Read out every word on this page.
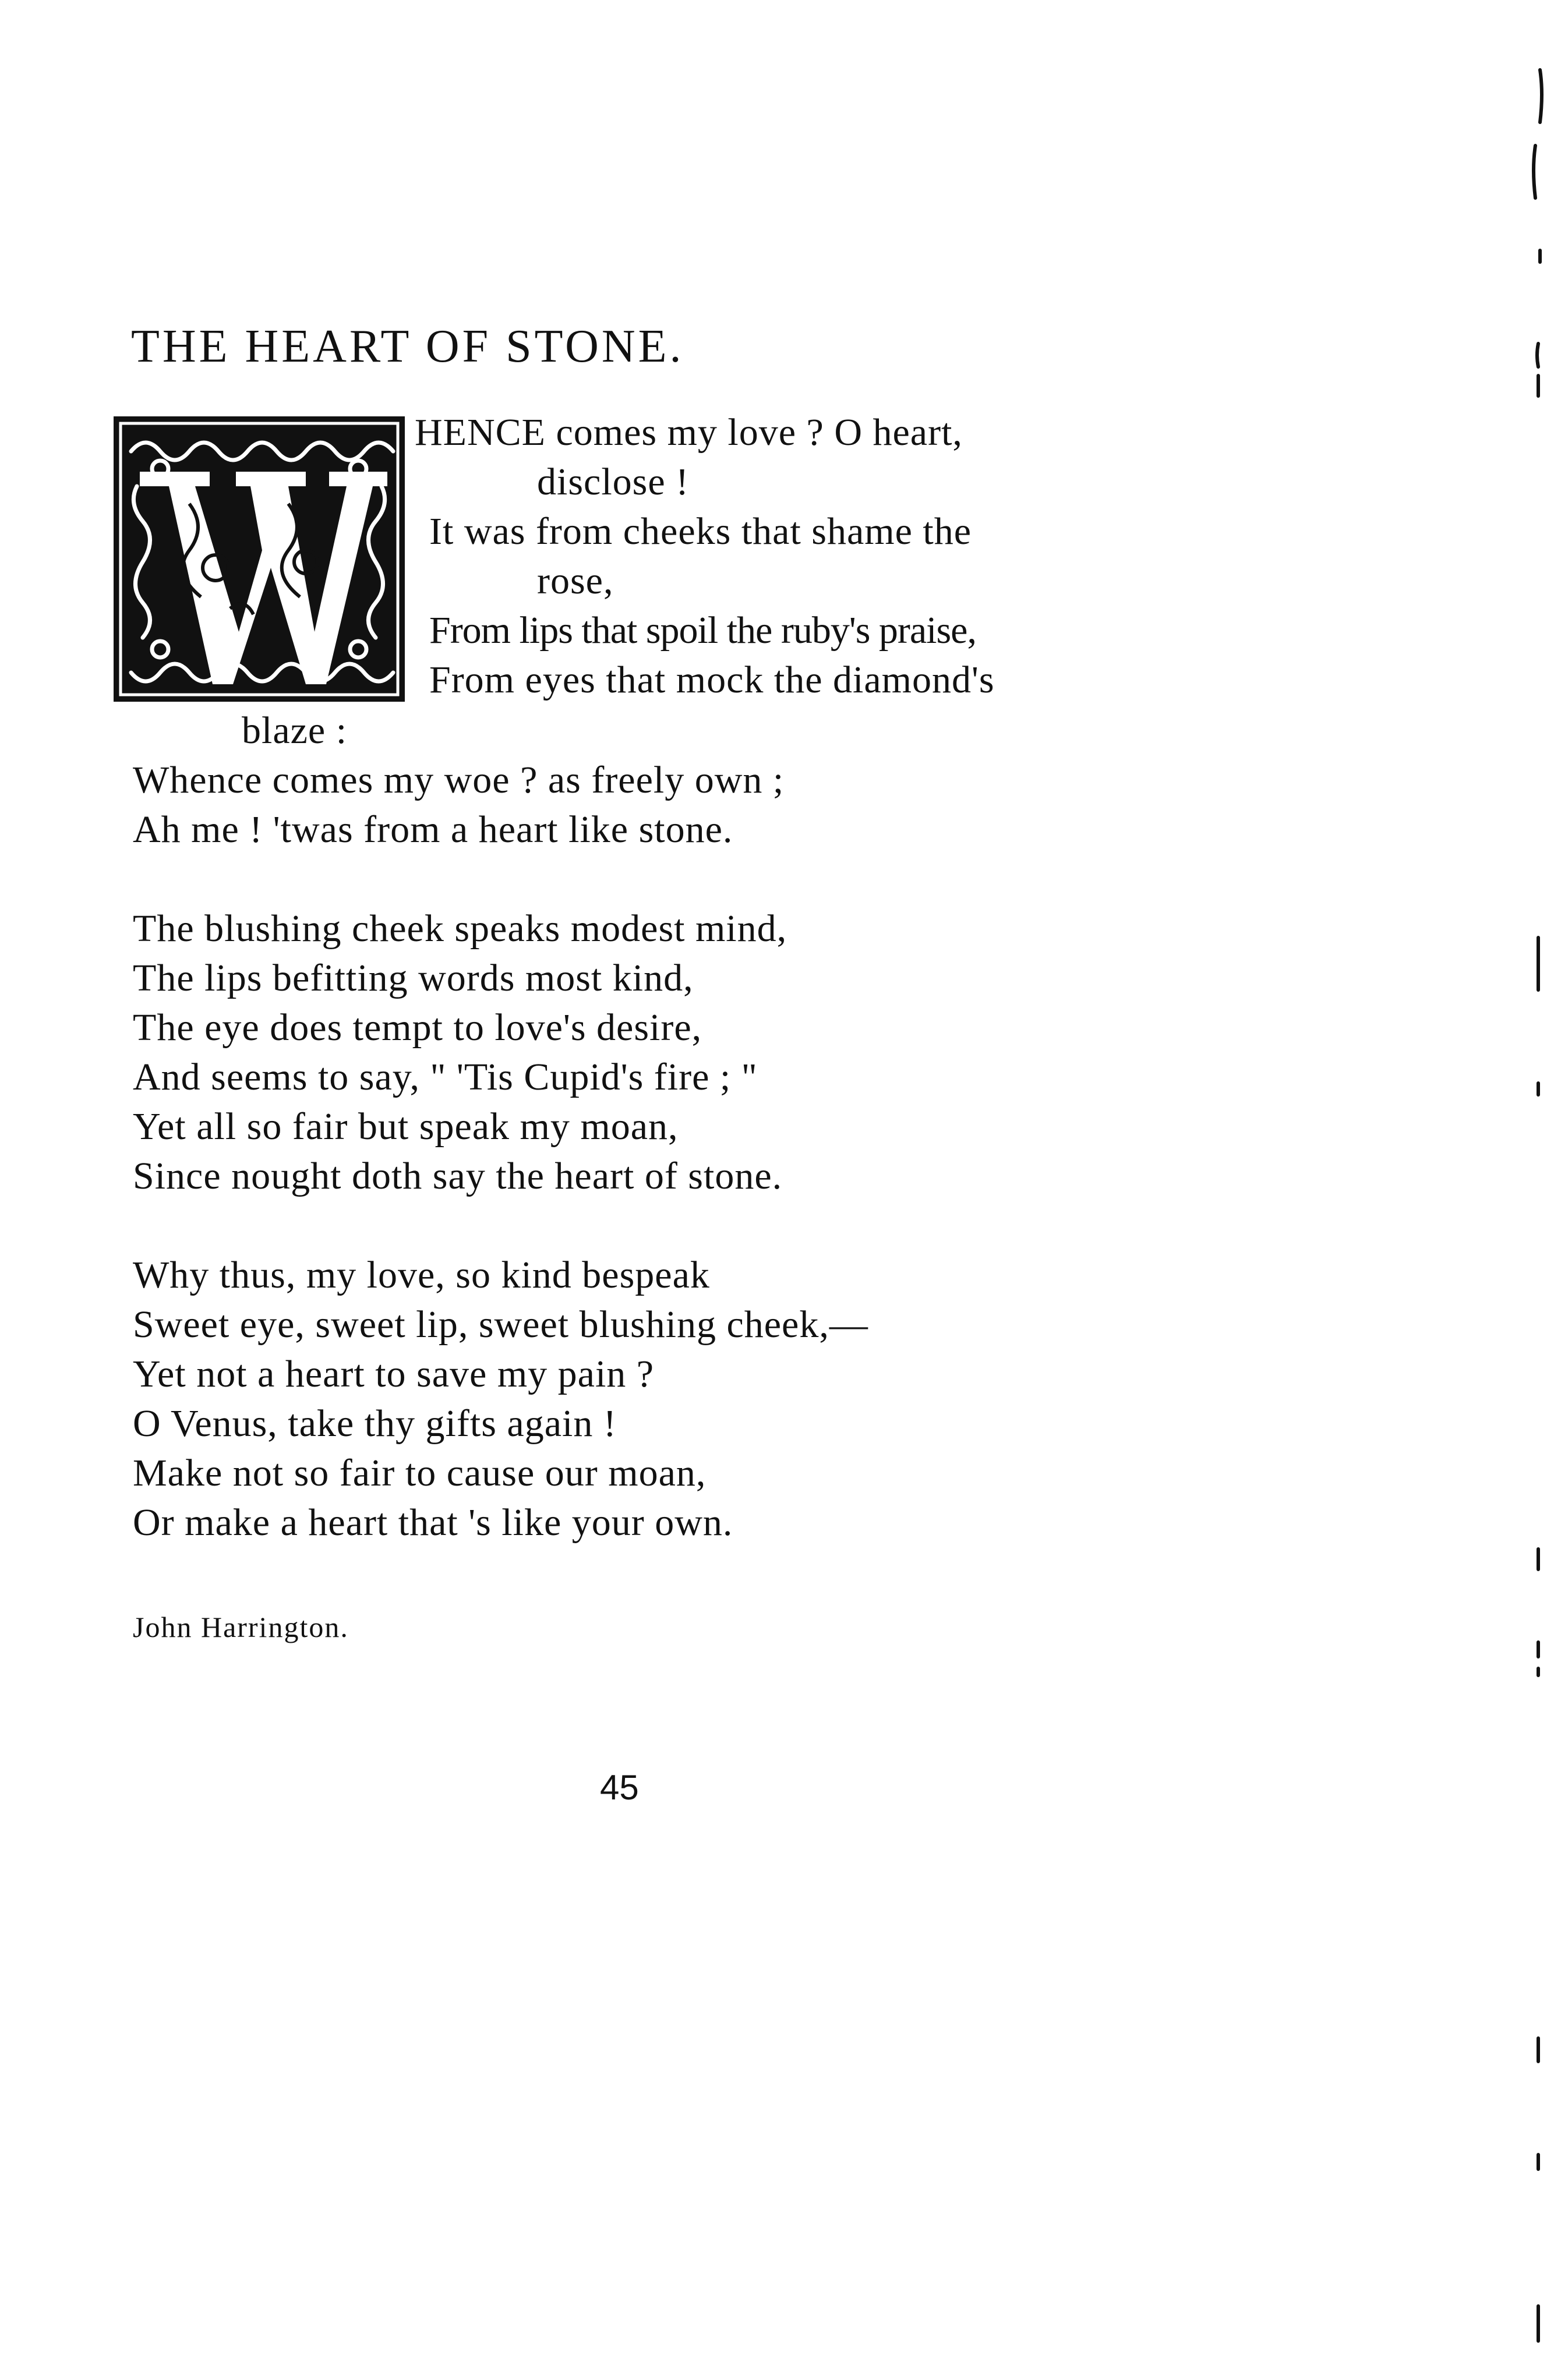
THE HEART OF STONE.
HENCE comes my love ? O heart,
disclose !
It was from cheeks that shame the
rose,
From lips that spoil the ruby's praise,
From eyes that mock the diamond's
blaze :
Whence comes my woe ? as freely own ;
Ah me ! 'twas from a heart like stone.
The blushing cheek speaks modest mind,
The lips befitting words most kind,
The eye does tempt to love's desire,
And seems to say, " 'Tis Cupid's fire ; "
Yet all so fair but speak my moan,
Since nought doth say the heart of stone.
Why thus, my love, so kind bespeak
Sweet eye, sweet lip, sweet blushing cheek,—
Yet not a heart to save my pain ?
O Venus, take thy gifts again !
Make not so fair to cause our moan,
Or make a heart that 's like your own.
John Harrington.
45
